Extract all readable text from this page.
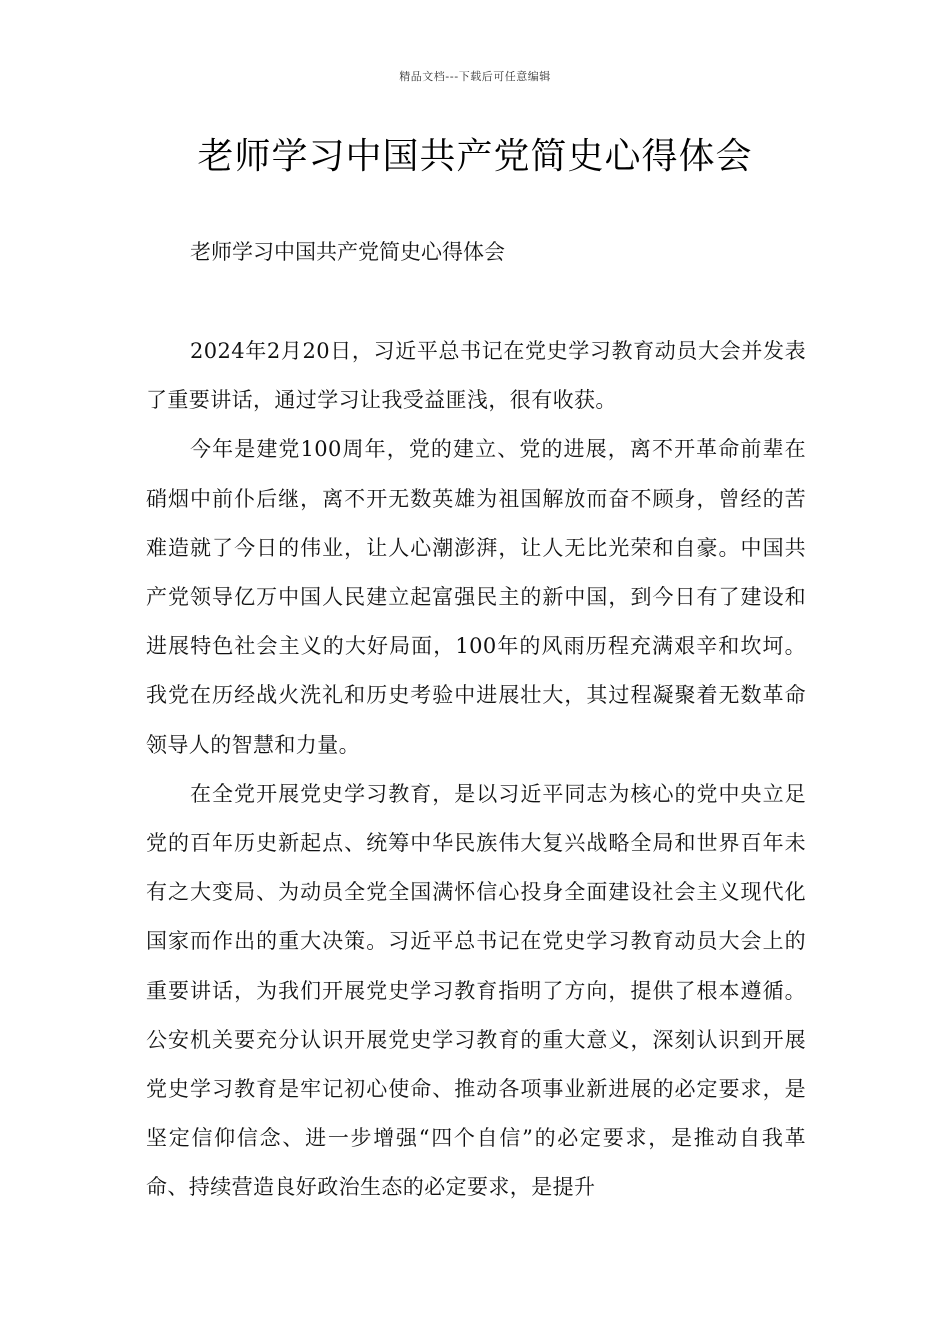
精品文档---下载后可任意编辑
老师学习中国共产党简史心得体会

老师学习中国共产党简史心得体会

2024年2月20日，习近平总书记在党史学习教育动员大会并发表了重要讲话，通过学习让我受益匪浅，很有收获。

今年是建党100周年，党的建立、党的进展，离不开革命前辈在硝烟中前仆后继，离不开无数英雄为祖国解放而奋不顾身，曾经的苦难造就了今日的伟业，让人心潮澎湃，让人无比光荣和自豪。中国共产党领导亿万中国人民建立起富强民主的新中国，到今日有了建设和进展特色社会主义的大好局面，100年的风雨历程充满艰辛和坎坷。我党在历经战火洗礼和历史考验中进展壮大，其过程凝聚着无数革命领导人的智慧和力量。

在全党开展党史学习教育，是以习近平同志为核心的党中央立足党的百年历史新起点、统筹中华民族伟大复兴战略全局和世界百年未有之大变局、为动员全党全国满怀信心投身全面建设社会主义现代化国家而作出的重大决策。习近平总书记在党史学习教育动员大会上的重要讲话，为我们开展党史学习教育指明了方向，提供了根本遵循。公安机关要充分认识开展党史学习教育的重大意义，深刻认识到开展党史学习教育是牢记初心使命、推动各项事业新进展的必定要求，是坚定信仰信念、进一步增强“四个自信”的必定要求，是推动自我革命、持续营造良好政治生态的必定要求，是提升
